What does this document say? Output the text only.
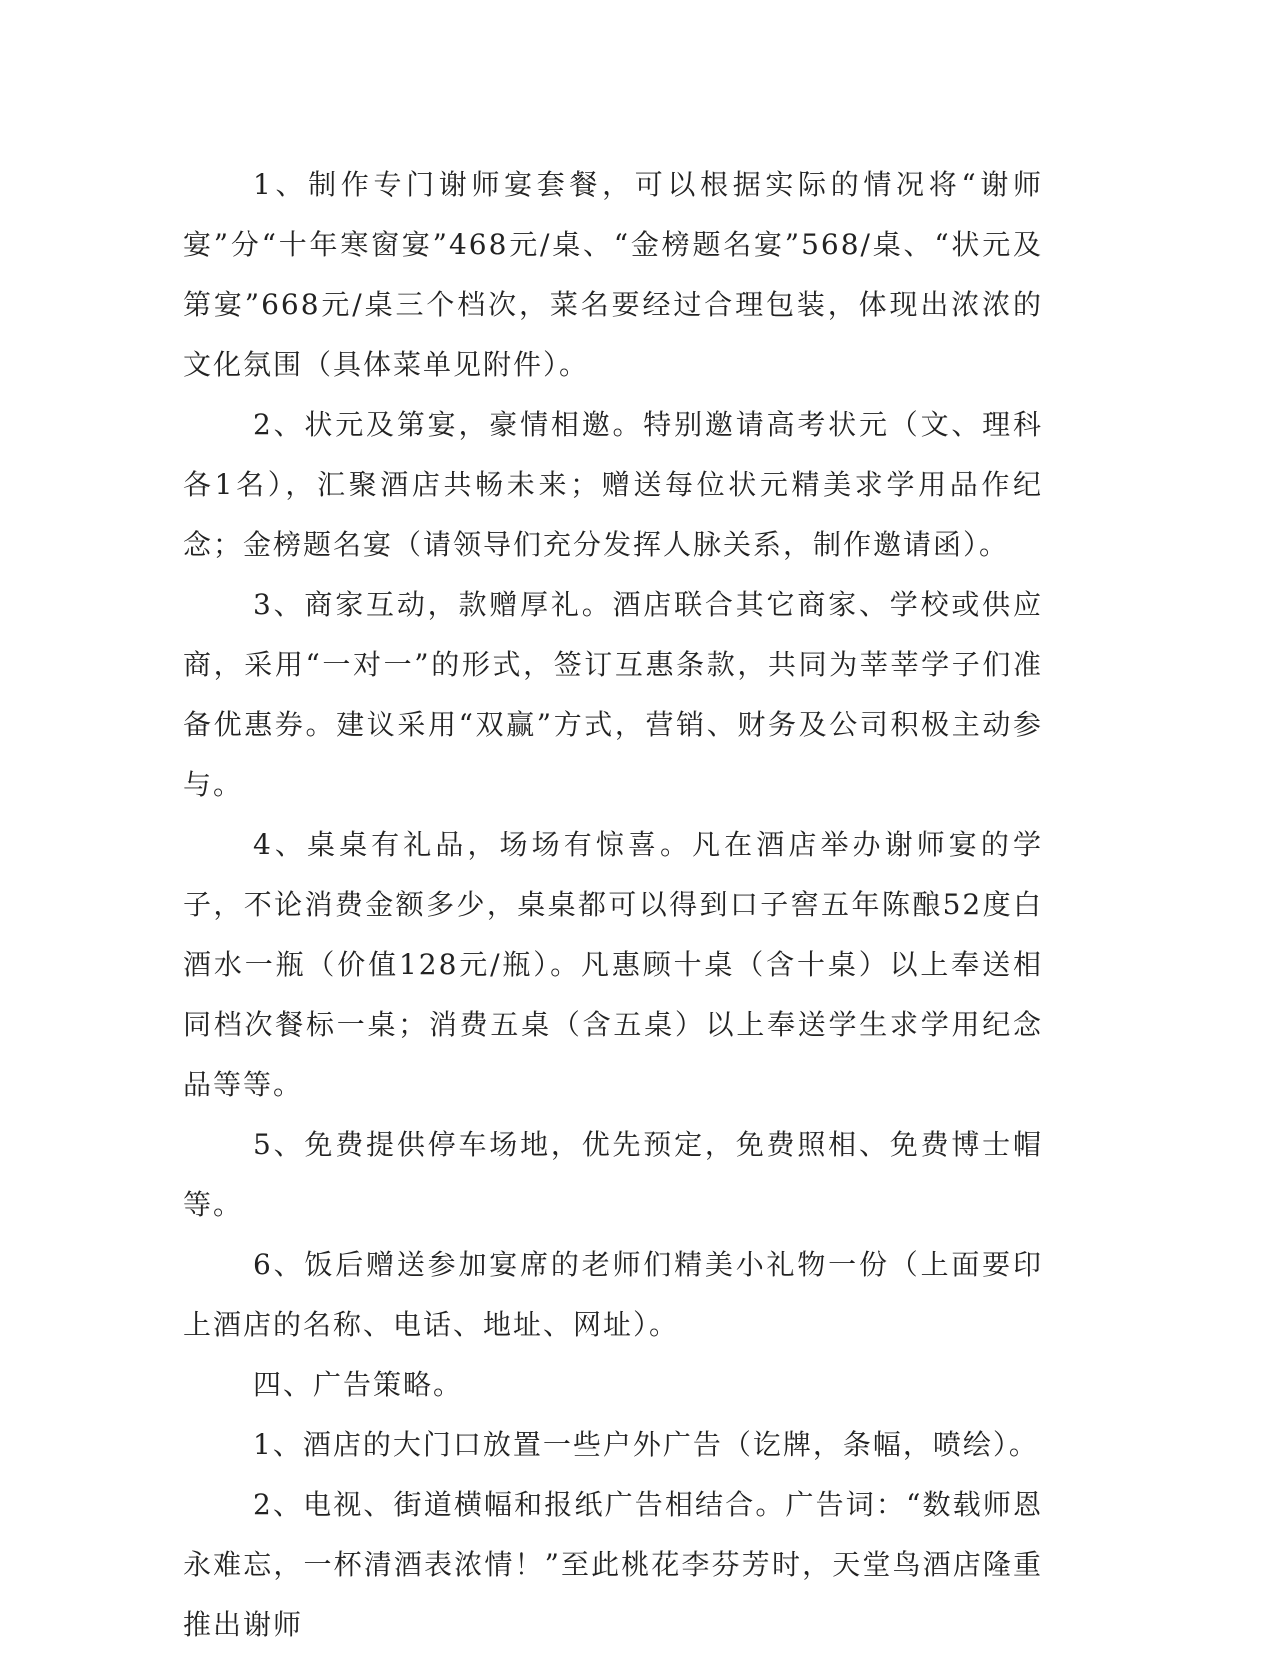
1、制作专门谢师宴套餐，可以根据实际的情况将“谢师宴”分“十年寒窗宴”468元/桌、“金榜题名宴”568/桌、“状元及第宴”668元/桌三个档次，菜名要经过合理包装，体现出浓浓的文化氛围（具体菜单见附件）。

2、状元及第宴，豪情相邀。特别邀请高考状元（文、理科各1名），汇聚酒店共畅未来；赠送每位状元精美求学用品作纪念；金榜题名宴（请领导们充分发挥人脉关系，制作邀请函）。

3、商家互动，款赠厚礼。酒店联合其它商家、学校或供应商，采用“一对一”的形式，签订互惠条款，共同为莘莘学子们准备优惠券。建议采用“双赢”方式，营销、财务及公司积极主动参与。

4、桌桌有礼品，场场有惊喜。凡在酒店举办谢师宴的学子，不论消费金额多少，桌桌都可以得到口子窖五年陈酿52度白酒水一瓶（价值128元/瓶）。凡惠顾十桌（含十桌）以上奉送相同档次餐标一桌；消费五桌（含五桌）以上奉送学生求学用纪念品等等。

5、免费提供停车场地，优先预定，免费照相、免费博士帽等。

6、饭后赠送参加宴席的老师们精美小礼物一份（上面要印上酒店的名称、电话、地址、网址）。

四、广告策略。

1、酒店的大门口放置一些户外广告（讫牌，条幅，喷绘）。

2、电视、街道横幅和报纸广告相结合。广告词：“数载师恩永难忘，一杯清酒表浓情！”至此桃花李芬芳时，天堂鸟酒店隆重推出谢师
